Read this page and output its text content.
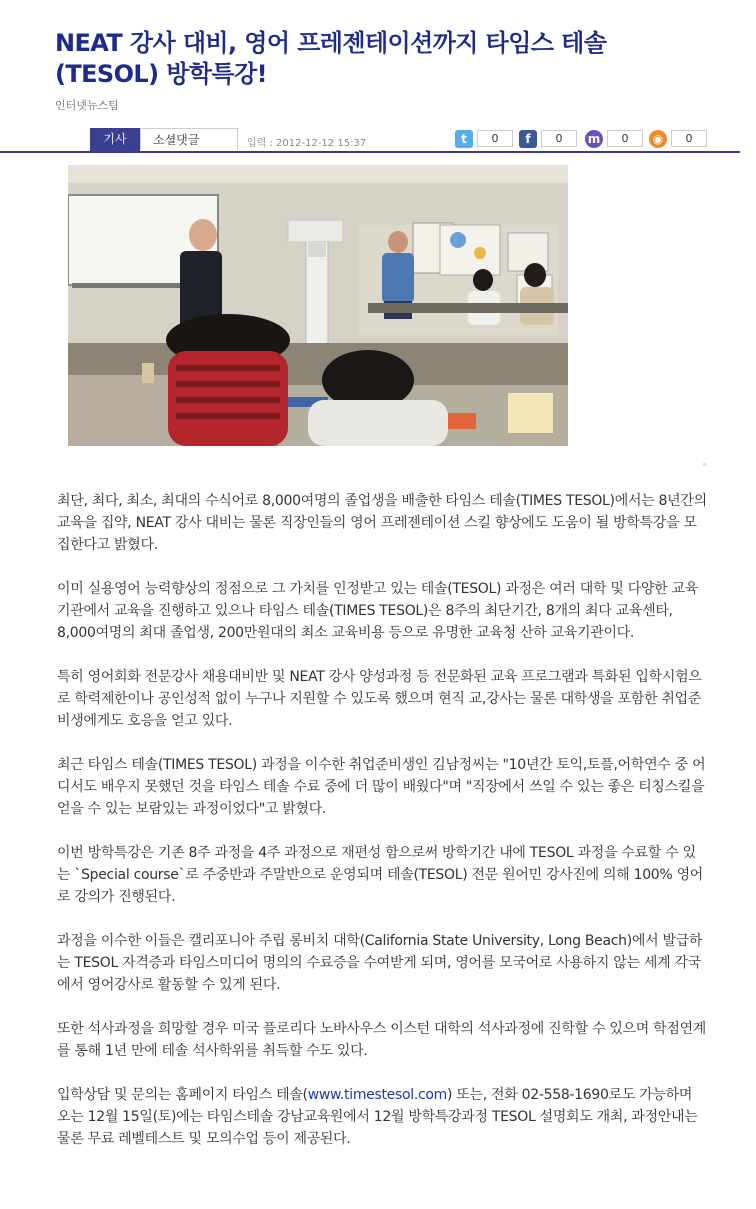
NEAT 강사 대비, 영어 프레젠테이션까지 타임스 테솔(TESOL) 방학특강!
인터넷뉴스팀
기사	소셜댓글	입력 : 2012-12-12 15:37	t	0	f	0	m	0	◉	0

최단, 최다, 최소, 최대의 수식어로 8,000여명의 졸업생을 배출한 타임스 테솔(TIMES TESOL)에서는 8년간의 교육을 집약, NEAT 강사 대비는 물론 직장인들의 영어 프레젠테이션 스킬 향상에도 도움이 될 방학특강을 모집한다고 밝혔다.

이미 실용영어 능력향상의 정점으로 그 가치를 인정받고 있는 테솔(TESOL) 과정은 여러 대학 및 다양한 교육기관에서 교육을 진행하고 있으나 타임스 테솔(TIMES TESOL)은 8주의 최단기간, 8개의 최다 교육센타, 8,000여명의 최대 졸업생, 200만원대의 최소 교육비용 등으로 유명한 교육청 산하 교육기관이다.

특히 영어회화 전문강사 채용대비반 및 NEAT 강사 양성과정 등 전문화된 교육 프로그램과 특화된 입학시험으로 학력제한이나 공인성적 없이 누구나 지원할 수 있도록 했으며 현직 교,강사는 물론 대학생을 포함한 취업준비생에게도 호응을 얻고 있다.

최근 타임스 테솔(TIMES TESOL) 과정을 이수한 취업준비생인 김남정씨는 "10년간 토익,토플,어학연수 중 어디서도 배우지 못했던 것을 타임스 테솔 수료 중에 더 많이 배웠다"며 "직장에서 쓰일 수 있는 좋은 티칭스킬을 얻을 수 있는 보람있는 과정이었다"고 밝혔다.

이번 방학특강은 기존 8주 과정을 4주 과정으로 재편성 함으로써 방학기간 내에 TESOL 과정을 수료할 수 있는 `Special course`로 주중반과 주말반으로 운영되며 테솔(TESOL) 전문 원어민 강사진에 의해 100% 영어로 강의가 진행된다.

과정을 이수한 이들은 캘리포니아 주립 롱비치 대학(California State University, Long Beach)에서 발급하는 TESOL 자격증과 타임스미디어 명의의 수료증을 수여받게 되며, 영어를 모국어로 사용하지 않는 세계 각국에서 영어강사로 활동할 수 있게 된다.

또한 석사과정을 희망할 경우 미국 플로리다 노바사우스 이스턴 대학의 석사과정에 진학할 수 있으며 학점연계를 통해 1년 만에 테솔 석사학위를 취득할 수도 있다.

입학상담 및 문의는 홈페이지 타임스 테솔(www.timestesol.com) 또는, 전화 02-558-1690로도 가능하며 오는 12월 15일(토)에는 타임스테솔 강남교육원에서 12월 방학특강과정 TESOL 설명회도 개최, 과정안내는 물론 무료 레벨테스트 및 모의수업 등이 제공된다.
